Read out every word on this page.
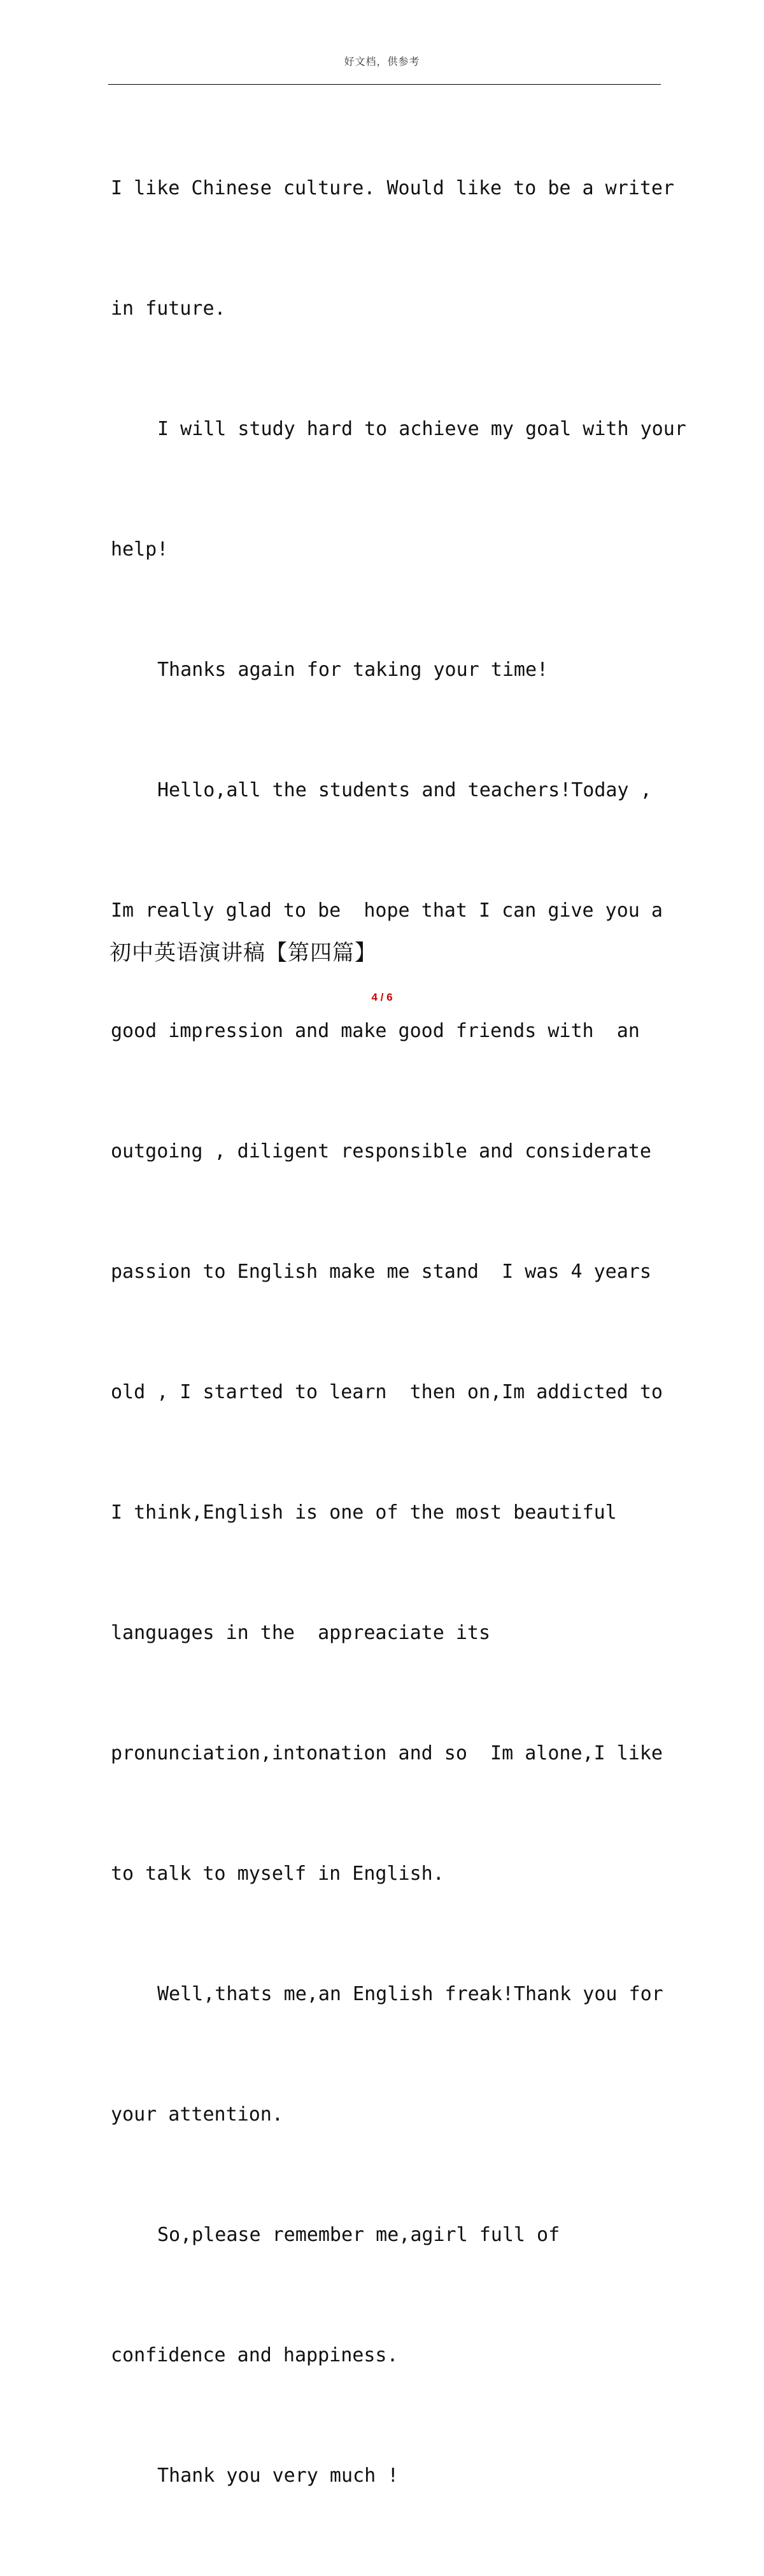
好文档，供参考

I like Chinese culture. Would like to be a writer

in future.

I will study hard to achieve my goal with your

help!

Thanks again for taking your time!

Hello,all the students and teachers!Today ,

Im really glad to be  hope that I can give you a

good impression and make good friends with  an

outgoing , diligent responsible and considerate

passion to English make me stand  I was 4 years

old , I started to learn  then on,Im addicted to

I think,English is one of the most beautiful

languages in the  appreaciate its

pronunciation,intonation and so  Im alone,I like

to talk to myself in English.

Well,thats me,an English freak!Thank you for

your attention.

So,please remember me,agirl full of

confidence and happiness.

Thank you very much !

初中英语演讲稿【第四篇】
4 / 6
